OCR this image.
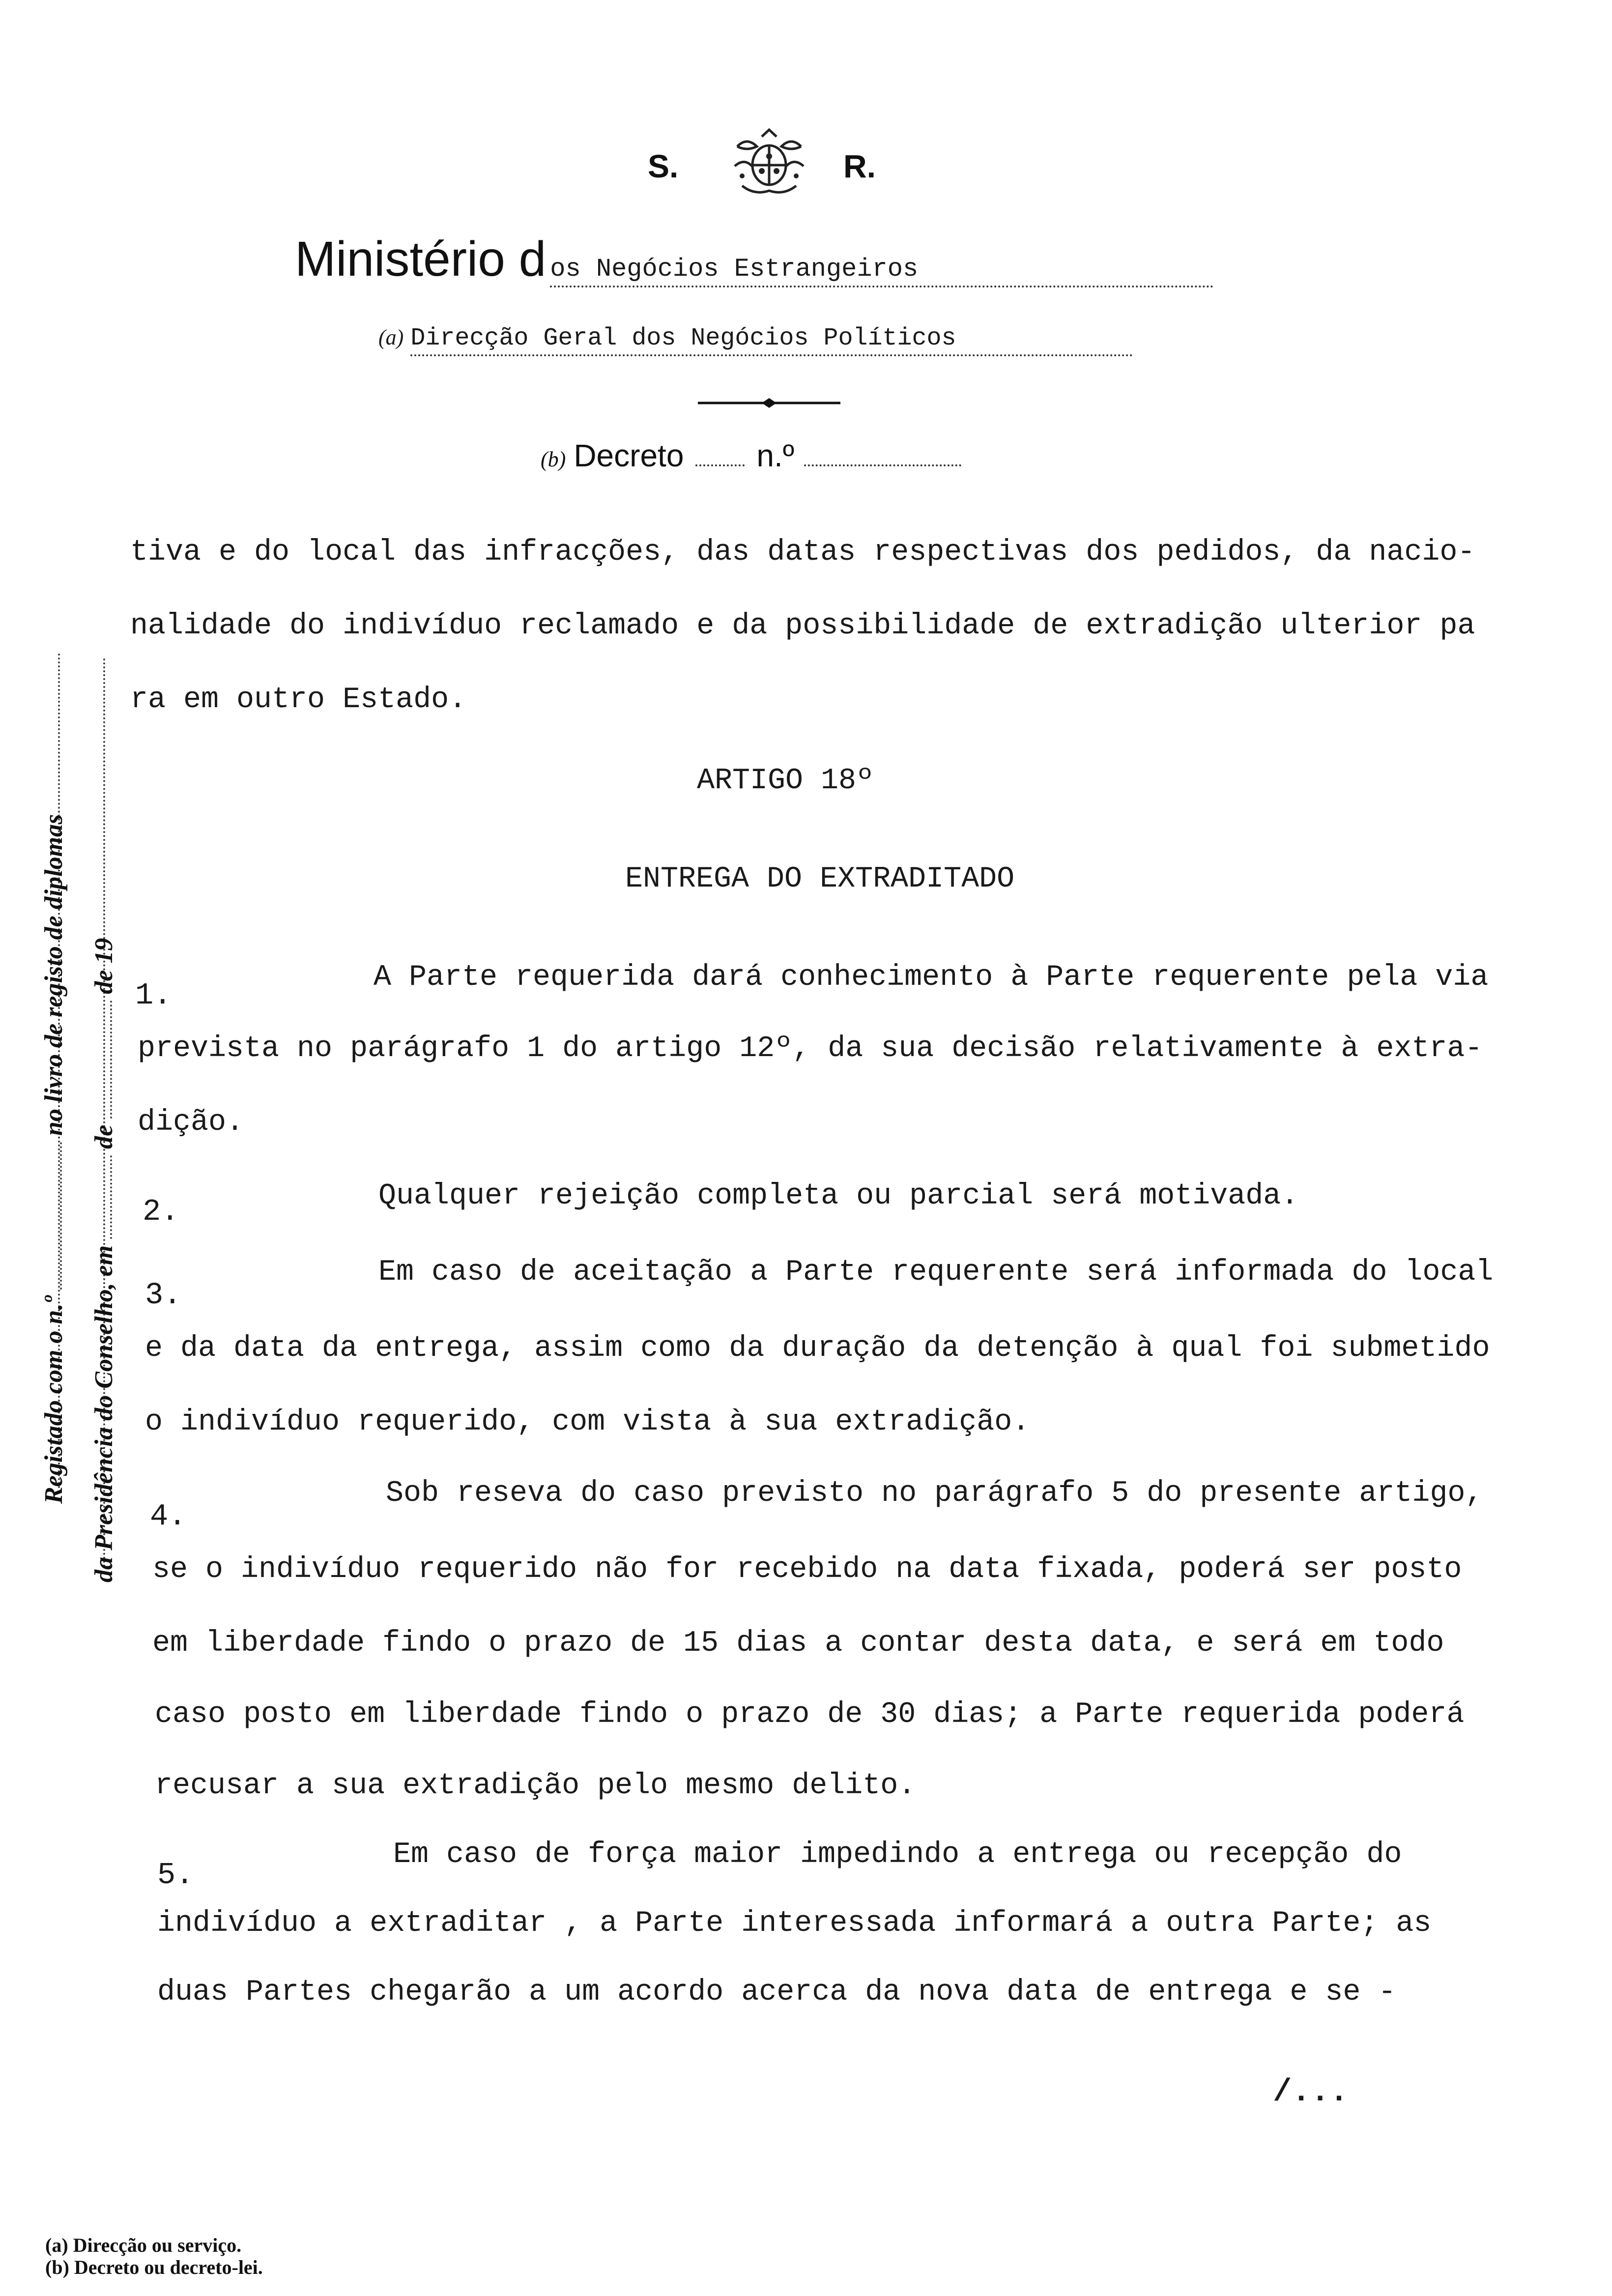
S.	R.
Ministério d os Negócios Estrangeiros
(a) Direcção Geral dos Negócios Políticos
(b) Decreto n.º
Registado com o n.º  no livro de registo de diplomas
da Presidência do Conselho, em  de  de 19
tiva e do local das infracções, das datas respectivas dos pedidos, da nacio-
nalidade do indivíduo reclamado e da possibilidade de extradição ulterior pa
ra em outro Estado.
ARTIGO 18º
ENTREGA DO EXTRADITADO
1.
A Parte requerida dará conhecimento à Parte requerente pela via
prevista no parágrafo 1 do artigo 12º, da sua decisão relativamente à extra-
dição.
2.	Qualquer rejeição completa ou parcial será motivada.
3.
Em caso de aceitação a Parte requerente será informada do local
e da data da entrega, assim como da duração da detenção à qual foi submetido
o indivíduo requerido, com vista à sua extradição.
4.
Sob reseva do caso previsto no parágrafo 5 do presente artigo,
se o indivíduo requerido não for recebido na data fixada, poderá ser posto
em liberdade findo o prazo de 15 dias a contar desta data, e será em todo
caso posto em liberdade findo o prazo de 30 dias; a Parte requerida poderá
recusar a sua extradição pelo mesmo delito.
5.
Em caso de força maior impedindo a entrega ou recepção do
indivíduo a extraditar , a Parte interessada informará a outra Parte; as
duas Partes chegarão a um acordo acerca da nova data de entrega e se -
/...
(a) Direcção ou serviço.
(b) Decreto ou decreto-lei.
